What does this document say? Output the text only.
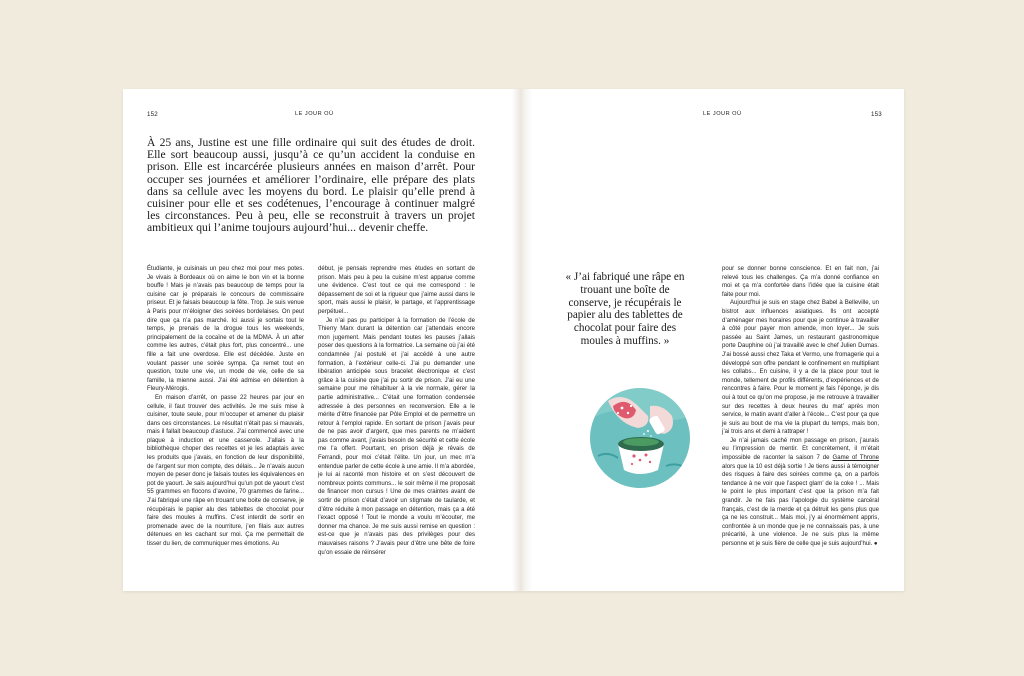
152	LE JOUR OÙ

À 25 ans, Justine est une fille ordinaire qui suit des études de droit. Elle sort beaucoup aussi, jusqu’à ce qu’un accident la conduise en prison. Elle est incarcérée plusieurs années en maison d’arrêt. Pour occuper ses journées et améliorer l’ordinaire, elle prépare des plats dans sa cellule avec les moyens du bord. Le plaisir qu’elle prend à cuisiner pour elle et ses codétenues, l’encourage à continuer malgré les circonstances. Peu à peu, elle se reconstruit à travers un projet ambitieux qui l’anime toujours aujourd’hui... devenir cheffe.

Étudiante, je cuisinais un peu chez moi pour mes potes. Je vivais à Bordeaux où on aime le bon vin et la bonne bouffe ! Mais je n’avais pas beaucoup de temps pour la cuisine car je préparais le concours de commissaire priseur. Et je faisais beaucoup la fête. Trop. Je suis venue à Paris pour m’éloigner des soirées bordelaises. On peut dire que ça n’a pas marché. Ici aussi je sortais tout le temps, je prenais de la drogue tous les weekends, principalement de la cocaïne et de la MDMA. À un after comme les autres, c’était plus fort, plus concentré... une fille a fait une overdose. Elle est décédée. Juste en voulant passer une soirée sympa. Ça remet tout en question, toute une vie, un mode de vie, celle de sa famille, la mienne aussi. J’ai été admise en détention à Fleury-Mérogis.

En maison d’arrêt, on passe 22 heures par jour en cellule, il faut trouver des activités. Je me suis mise à cuisiner, toute seule, pour m’occuper et amener du plaisir dans ces circonstances. Le résultat n’était pas si mauvais, mais il fallait beaucoup d’astuce. J’ai commencé avec une plaque à induction et une casserole. J’allais à la bibliothèque choper des recettes et je les adaptais avec les produits que j’avais, en fonction de leur disponibilité, de l’argent sur mon compte, des délais... Je n’avais aucun moyen de peser donc je faisais toutes les équivalences en pot de yaourt. Je sais aujourd’hui qu’un pot de yaourt c’est 55 grammes en flocons d’avoine, 70 grammes de farine... J’ai fabriqué une râpe en trouant une boite de conserve, je récupérais le papier alu des tablettes de chocolat pour faire des moules à muffins. C’est interdit de sortir en promenade avec de la nourriture, j’en filais aux autres détenues en les cachant sur moi. Ça me permettait de tisser du lien, de communiquer mes émotions. Au

début, je pensais reprendre mes études en sortant de prison. Mais peu à peu la cuisine m’est apparue comme une évidence. C’est tout ce qui me correspond : le dépassement de soi et la rigueur que j’aime aussi dans le sport, mais aussi le plaisir, le partage, et l’apprentissage perpétuel...

Je n’ai pas pu participer à la formation de l’école de Thierry Marx durant la détention car j’attendais encore mon jugement. Mais pendant toutes les pauses j’allais poser des questions à la formatrice. La semaine où j’ai été condamnée j’ai postulé et j’ai accédé à une autre formation, à l’extérieur celle-ci. J’ai pu demander une libération anticipée sous bracelet électronique et c’est grâce à la cuisine que j’ai pu sortir de prison. J’ai eu une semaine pour me réhabituer à la vie normale, gérer la partie administrative... C’était une formation condensée adressée à des personnes en reconversion. Elle a le mérite d’être financée par Pôle Emploi et de permettre un retour à l’emploi rapide. En sortant de prison j’avais peur de ne pas avoir d’argent, que mes parents ne m’aident pas comme avant, j’avais besoin de sécurité et cette école me l’a offert. Pourtant, en prison déjà je rêvais de Ferrandi, pour moi c’était l’élite. Un jour, un mec m’a entendue parler de cette école à une amie. Il m’a abordée, je lui ai raconté mon histoire et on s’est découvert de nombreux points communs... le soir même il me proposait de financer mon cursus ! Une de mes craintes avant de sortir de prison c’était d’avoir un stigmate de taularde, et d’être réduite à mon passage en détention, mais ça a été l’exact opposé ! Tout le monde a voulu m’écouter, me donner ma chance. Je me suis aussi remise en question : est-ce que je n’avais pas des privilèges pour des mauvaises raisons ? J’avais peur d’être une bête de foire qu’on essaie de réinsérer

LE JOUR OÙ	153

« J’ai fabriqué une râpe en trouant une boîte de conserve, je récupérais le papier alu des tablettes de chocolat pour faire des moules à muffins. »

pour se donner bonne conscience. Et en fait non, j’ai relevé tous les challenges. Ça m’a donné confiance en moi et ça m’a confortée dans l’idée que la cuisine était faite pour moi.

Aujourd’hui je suis en stage chez Babel à Belleville, un bistrot aux influences asiatiques. Ils ont accepté d’aménager mes horaires pour que je continue à travailler à côté pour payer mon amende, mon loyer... Je suis passée au Saint James, un restaurant gastronomique porte Dauphine où j’ai travaillé avec le chef Julien Dumas. J’ai bossé aussi chez Taka et Vermo, une fromagerie qui a développé son offre pendant le confinement en multipliant les collabs... En cuisine, il y a de la place pour tout le monde, tellement de profils différents, d’expériences et de rencontres à faire. Pour le moment je fais l’éponge, je dis oui à tout ce qu’on me propose, je me retrouve à travailler sur des recettes à deux heures du mat’ après mon service, le matin avant d’aller à l’école... C’est pour ça que je suis au bout de ma vie la plupart du temps, mais bon, j’ai trois ans et demi à rattraper !

Je n’ai jamais caché mon passage en prison, j’aurais eu l’impression de mentir. Et concrètement, il m’était impossible de raconter la saison 7 de Game of Throne alors que la 10 est déjà sortie ! Je tiens aussi à témoigner des risques à faire des soirées comme ça, on a parfois tendance à ne voir que l’aspect glam’ de la coke ! ... Mais le point le plus important c’est que la prison m’a fait grandir. Je ne fais pas l’apologie du système carcéral français, c’est de la merde et ça détruit les gens plus que ça ne les construit... Mais moi, j’y ai énormément appris, confrontée à un monde que je ne connaissais pas, à une précarité, à une violence. Je ne suis plus la même personne et je suis fière de celle que je suis aujourd’hui. ●
